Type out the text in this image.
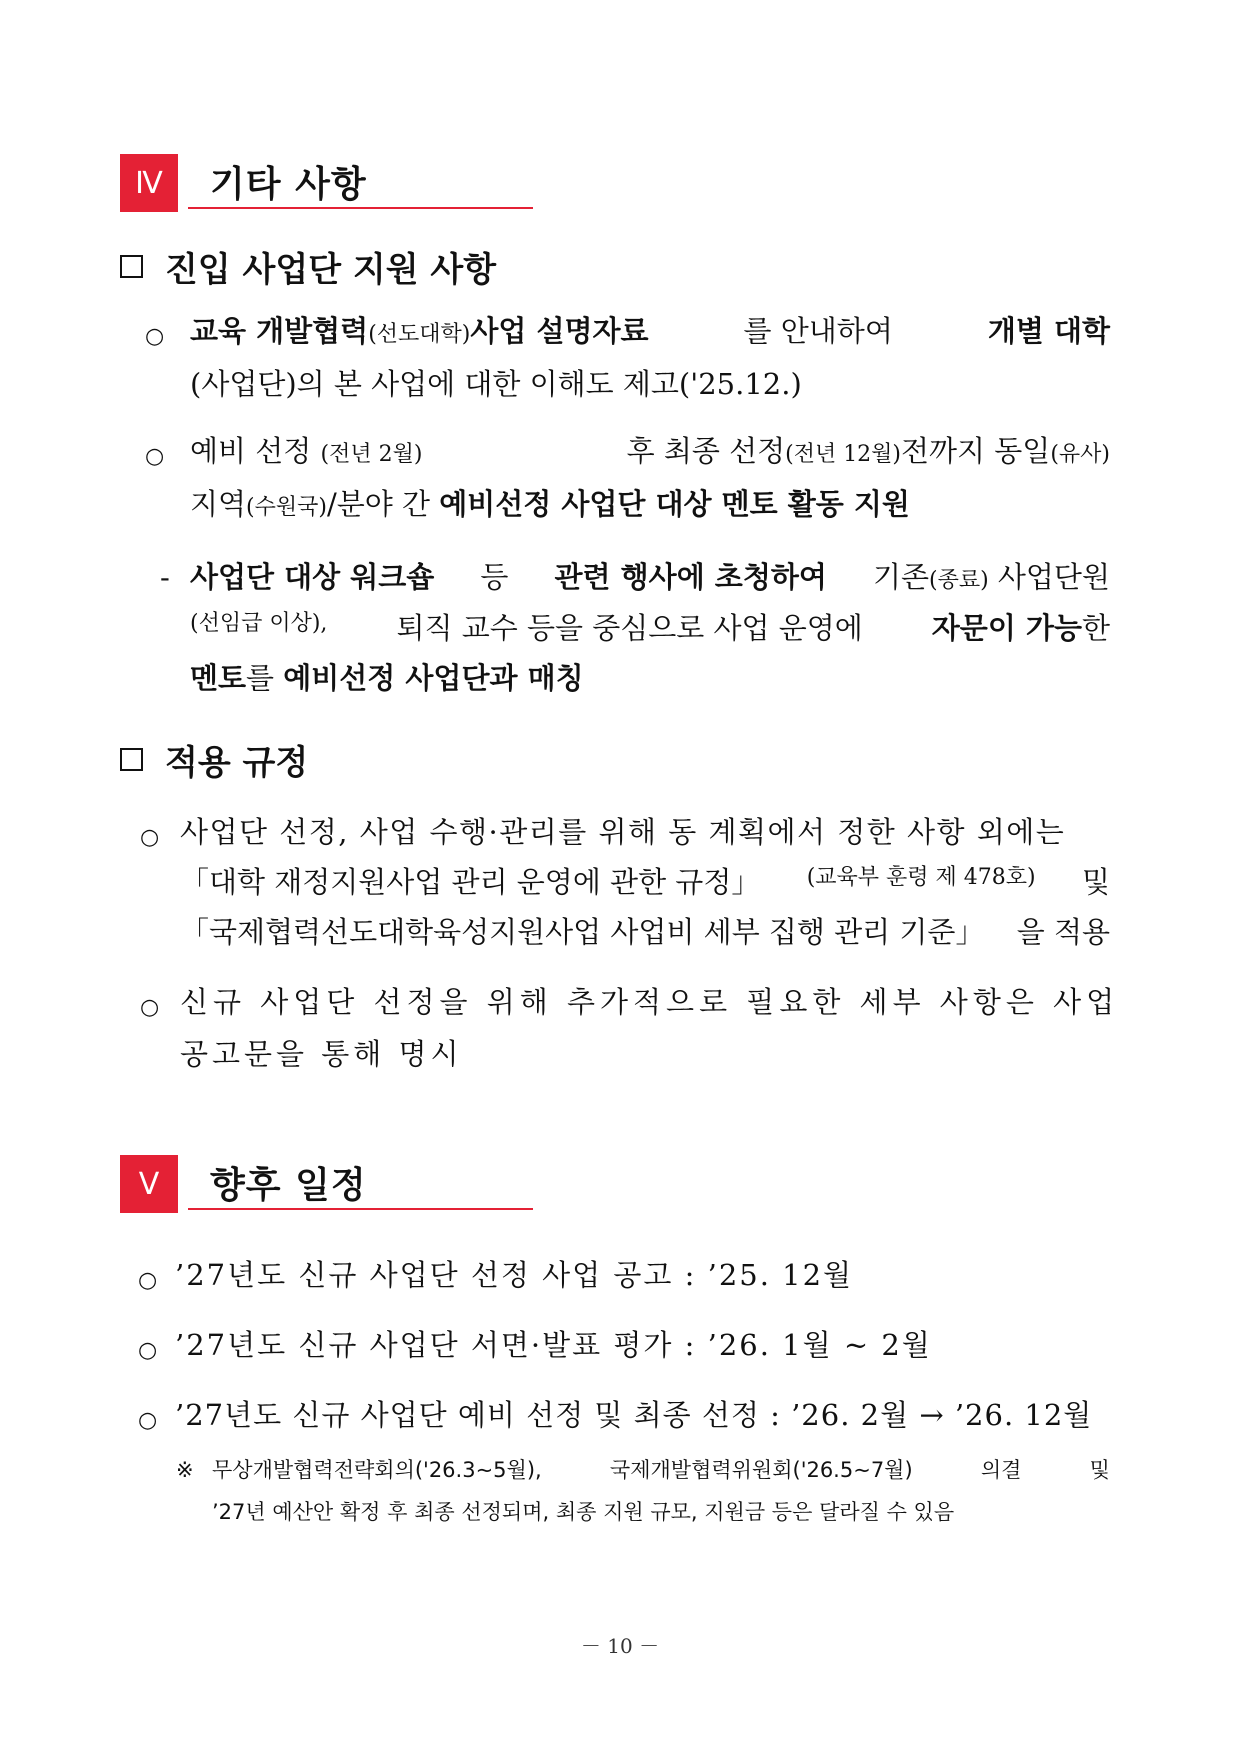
Ⅳ	기타 사항
진입 사업단 지원 사항
○ 교육 개발협력(선도대학)사업 설명자료	를 안내하여	개별 대학
(사업단)의 본 사업에 대한 이해도 제고('25.12.)
○ 예비 선정 (전년 2월)	후 최종 선정(전년 12월)전까지 동일(유사)
지역(수원국)/분야 간 예비선정 사업단 대상 멘토 활동 지원
- 사업단 대상 워크숍 등 관련 행사에 초청하여 기존(종료) 사업단원
(선임급 이상), 퇴직 교수 등을 중심으로 사업 운영에 자문이 가능한
멘토를 예비선정 사업단과 매칭
적용 규정
○ 사업단 선정, 사업 수행·관리를 위해 동 계획에서 정한 사항 외에는
「대학 재정지원사업 관리 운영에 관한 규정」 (교육부 훈령 제 478호) 및
「국제협력선도대학육성지원사업 사업비 세부 집행 관리 기준」 을 적용
○ 신규 사업단 선정을 위해 추가적으로 필요한 세부 사항은 사업
공고문을 통해 명시
Ⅴ	향후 일정
○ ’27년도 신규 사업단 선정 사업 공고 : ’25. 12월
○ ’27년도 신규 사업단 서면·발표 평가 : ’26. 1월 ~ 2월
○ ’27년도 신규 사업단 예비 선정 및 최종 선정 : ’26. 2월 → ’26. 12월
※ 무상개발협력전략회의('26.3∼5월),	국제개발협력위원회('26.5∼7월)	의결	및
’27년 예산안 확정 후 최종 선정되며, 최종 지원 규모, 지원금 등은 달라질 수 있음
－ 10 －
